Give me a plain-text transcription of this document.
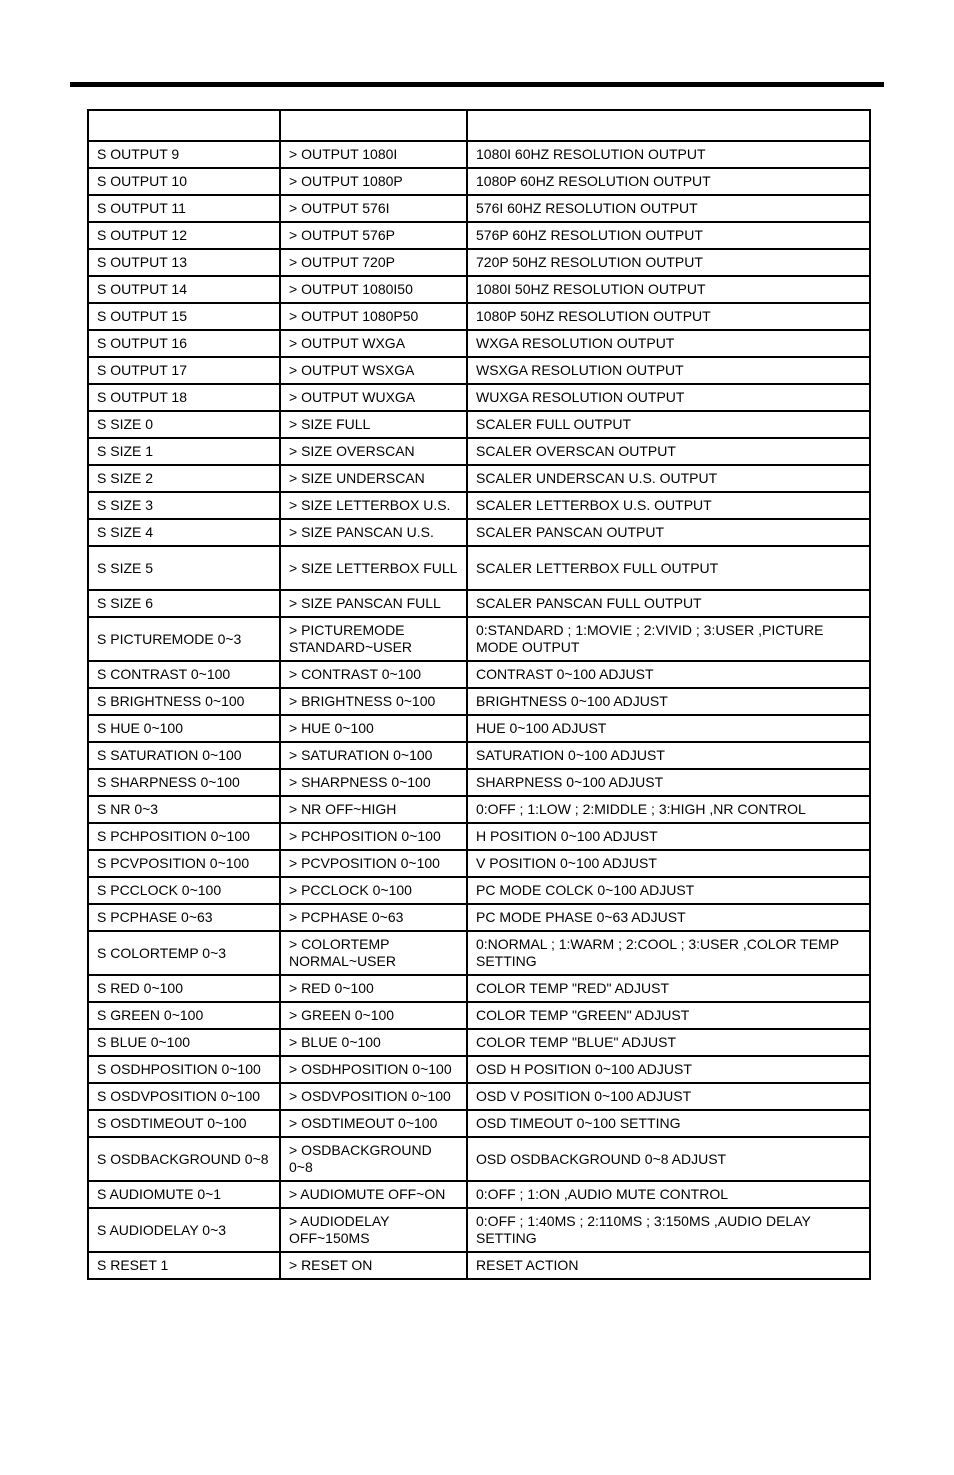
S OUTPUT 9	> OUTPUT 1080I	1080I 60HZ RESOLUTION OUTPUT
S OUTPUT 10	> OUTPUT 1080P	1080P 60HZ RESOLUTION OUTPUT
S OUTPUT 11	> OUTPUT 576I	576I 60HZ RESOLUTION OUTPUT
S OUTPUT 12	> OUTPUT 576P	576P 60HZ RESOLUTION OUTPUT
S OUTPUT 13	> OUTPUT 720P	720P 50HZ RESOLUTION OUTPUT
S OUTPUT 14	> OUTPUT 1080I50	1080I 50HZ RESOLUTION OUTPUT
S OUTPUT 15	> OUTPUT 1080P50	1080P 50HZ RESOLUTION OUTPUT
S OUTPUT 16	> OUTPUT WXGA	WXGA RESOLUTION OUTPUT
S OUTPUT 17	> OUTPUT WSXGA	WSXGA RESOLUTION OUTPUT
S OUTPUT 18	> OUTPUT WUXGA	WUXGA RESOLUTION OUTPUT
S SIZE 0	> SIZE FULL	SCALER FULL OUTPUT
S SIZE 1	> SIZE OVERSCAN	SCALER OVERSCAN OUTPUT
S SIZE 2	> SIZE UNDERSCAN	SCALER UNDERSCAN U.S. OUTPUT
S SIZE 3	> SIZE LETTERBOX U.S.	SCALER LETTERBOX U.S. OUTPUT
S SIZE 4	> SIZE PANSCAN U.S.	SCALER PANSCAN OUTPUT
S SIZE 5	> SIZE LETTERBOX FULL	SCALER LETTERBOX FULL OUTPUT
S SIZE 6	> SIZE PANSCAN FULL	SCALER PANSCAN FULL OUTPUT
S PICTUREMODE 0~3	> PICTUREMODE STANDARD~USER	0:STANDARD ; 1:MOVIE ; 2:VIVID ; 3:USER ,PICTURE MODE OUTPUT
S CONTRAST 0~100	> CONTRAST 0~100	CONTRAST 0~100 ADJUST
S BRIGHTNESS 0~100	> BRIGHTNESS 0~100	BRIGHTNESS 0~100 ADJUST
S HUE 0~100	> HUE 0~100	HUE 0~100 ADJUST
S SATURATION 0~100	> SATURATION 0~100	SATURATION 0~100 ADJUST
S SHARPNESS 0~100	> SHARPNESS 0~100	SHARPNESS 0~100 ADJUST
S NR 0~3	> NR OFF~HIGH	0:OFF ; 1:LOW ; 2:MIDDLE ; 3:HIGH ,NR CONTROL
S PCHPOSITION 0~100	> PCHPOSITION 0~100	H POSITION 0~100 ADJUST
S PCVPOSITION 0~100	> PCVPOSITION 0~100	V POSITION 0~100 ADJUST
S PCCLOCK 0~100	> PCCLOCK 0~100	PC MODE COLCK 0~100 ADJUST
S PCPHASE 0~63	> PCPHASE 0~63	PC MODE PHASE 0~63 ADJUST
S COLORTEMP 0~3	> COLORTEMP NORMAL~USER	0:NORMAL ; 1:WARM ; 2:COOL ; 3:USER ,COLOR TEMP SETTING
S RED 0~100	> RED 0~100	COLOR TEMP "RED" ADJUST
S GREEN 0~100	> GREEN 0~100	COLOR TEMP "GREEN" ADJUST
S BLUE 0~100	> BLUE 0~100	COLOR TEMP "BLUE" ADJUST
S OSDHPOSITION 0~100	> OSDHPOSITION 0~100	OSD H POSITION 0~100 ADJUST
S OSDVPOSITION 0~100	> OSDVPOSITION 0~100	OSD V POSITION 0~100 ADJUST
S OSDTIMEOUT 0~100	> OSDTIMEOUT 0~100	OSD TIMEOUT 0~100 SETTING
S OSDBACKGROUND 0~8	> OSDBACKGROUND 0~8	OSD OSDBACKGROUND 0~8 ADJUST
S AUDIOMUTE 0~1	> AUDIOMUTE OFF~ON	0:OFF ; 1:ON ,AUDIO MUTE CONTROL
S AUDIODELAY 0~3	> AUDIODELAY OFF~150MS	0:OFF ; 1:40MS ; 2:110MS ; 3:150MS ,AUDIO DELAY SETTING
S RESET 1	> RESET ON	RESET ACTION
